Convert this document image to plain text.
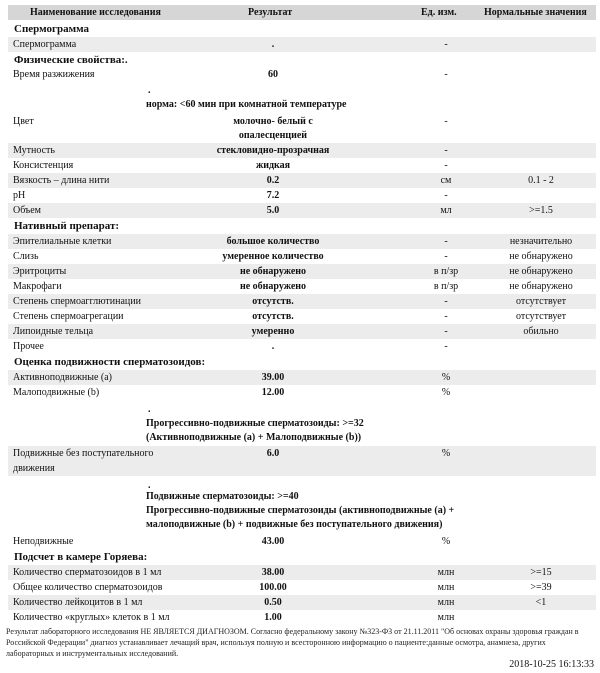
Наименование исследования	Результат	Ед. изм.	Нормальные значения
Спермограмма
Спермограмма	.	-
Физические свойства:.
Время разжижения	60	-
.
норма: <60 мин при комнатной температуре
Цвет	молочно- белый с	-
опалесценцией
Мутность	стекловидно-прозрачная	-
Консистенция	жидкая	-
Вязкость – длина нити	0.2	см	0.1 - 2
pH	7.2	-
Объем	5.0	мл	>=1.5
Нативный препарат:
Эпителиальные клетки	большое количество	-	незначительно
Слизь	умеренное количество	-	не обнаружено
Эритроциты	не обнаружено	в п/зр	не обнаружено
Макрофаги	не обнаружено	в п/зр	не обнаружено
Степень спермоагглютинации	отсутств.	-	отсутствует
Степень спермоагрегации	отсутств.	-	отсутствует
Липоидные тельца	умеренно	-	обильно
Прочее	.	-
Оценка подвижности сперматозоидов:
Активноподвижные (a)	39.00	%
Малоподвижные (b)	12.00	%
.
Прогрессивно-подвижные сперматозоиды: >=32
(Активноподвижные (a) + Малоподвижные (b))
Подвижные без поступательного	6.0	%
движения
.
Подвижные сперматозоиды: >=40
Прогрессивно-подвижные сперматозоиды (активноподвижные (а) +
малоподвижные (b) + подвижные без поступательного движения)
Неподвижные	43.00	%
Подсчет в камере Горяева:
Количество сперматозоидов в 1 мл	38.00	млн	>=15
Общее количество сперматозоидов	100.00	млн	>=39
Количество лейкоцитов в 1 мл	0.50	млн	<1
Количество «круглых» клеток в 1 мл	1.00	млн
Результат лабораторного исследования НЕ ЯВЛЯЕТСЯ ДИАГНОЗОМ. Согласно федеральному закону №323-ФЗ от 21.11.2011 "Об основах охраны здоровья граждан в Российской Федерации" диагноз устанавливает лечащий врач, используя полную и всесторонною информацию о пациенте:данные осмотра, анамнеза, других лабораторных и инструментальных исследований.
2018-10-25 16:13:33
